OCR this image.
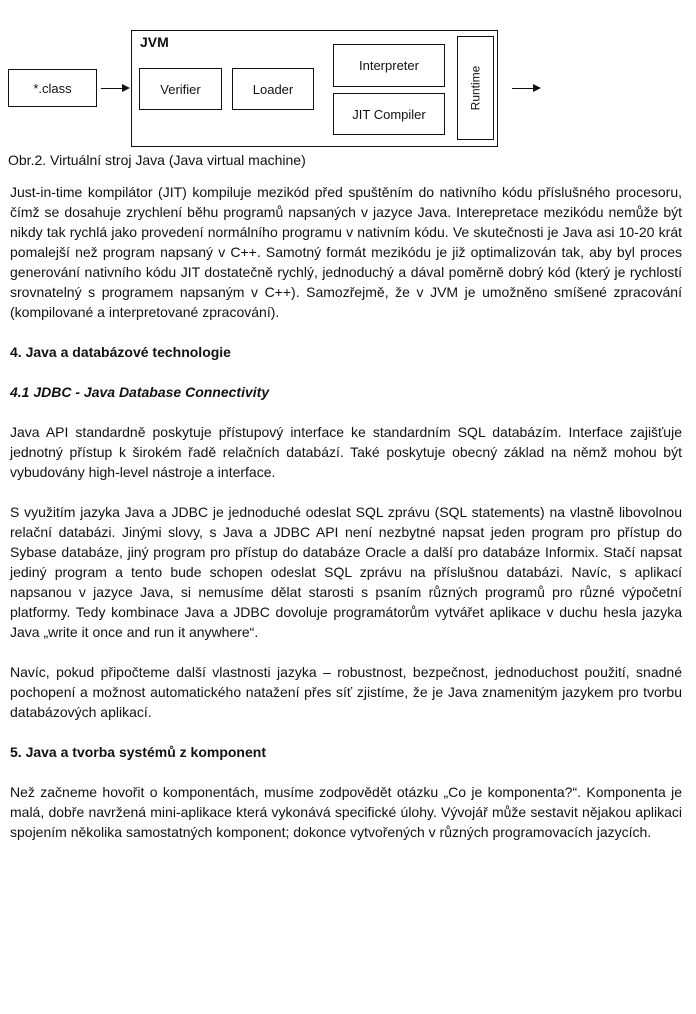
*.class
JVM
Verifier	Loader
Interpreter
JIT Compiler
Runtime
Obr.2. Virtuální stroj Java (Java virtual machine)

Just-in-time kompilátor (JIT) kompiluje mezikód před spuštěním do nativního kódu příslušného procesoru, čímž se dosahuje zrychlení běhu programů napsaných v jazyce Java. Interepretace mezikódu nemůže být nikdy tak rychlá jako provedení normálního programu v nativním kódu. Ve skutečnosti je Java asi 10-20 krát pomalejší než program napsaný v C++. Samotný formát mezikódu je již optimalizován tak, aby byl proces generování nativního kódu JIT dostatečně rychlý, jednoduchý a dával poměrně dobrý kód (který je rychlostí srovnatelný s programem napsaným v C++). Samozřejmě, že v JVM je umožněno smíšené zpracování (kompilované a interpretované zpracování).

4. Java a databázové technologie
4.1 JDBC - Java Database Connectivity

Java API standardně poskytuje přístupový interface ke standardním SQL databázím. Interface zajišťuje jednotný přístup k širokém řadě relačních databází. Také poskytuje obecný základ na němž mohou být vybudovány high-level nástroje a interface.

S využitím jazyka Java a JDBC je jednoduché odeslat SQL zprávu (SQL statements) na vlastně libovolnou relační databázi. Jinými slovy, s Java a JDBC API není nezbytné napsat jeden program pro přístup do Sybase databáze, jiný program pro přístup do databáze Oracle a další pro databáze Informix. Stačí napsat jediný program a tento bude schopen odeslat SQL zprávu na příslušnou databázi. Navíc, s aplikací napsanou v jazyce Java, si nemusíme dělat starosti s psaním různých programů pro různé výpočetní platformy. Tedy kombinace Java a JDBC dovoluje programátorům vytvářet aplikace v duchu hesla jazyka Java „write it once and run it anywhere“.

Navíc, pokud připočteme další vlastnosti jazyka – robustnost, bezpečnost, jednoduchost použití, snadné pochopení a možnost automatického natažení přes síť zjistíme, že je Java znamenitým jazykem pro tvorbu databázových aplikací.

5. Java a tvorba systémů z komponent

Než začneme hovořit o komponentách, musíme zodpovědět otázku „Co je komponenta?“. Komponenta je malá, dobře navržená mini-aplikace která vykonává specifické úlohy. Vývojář může sestavit nějakou aplikaci spojením několika samostatných komponent; dokonce vytvořených v různých programovacích jazycích.
